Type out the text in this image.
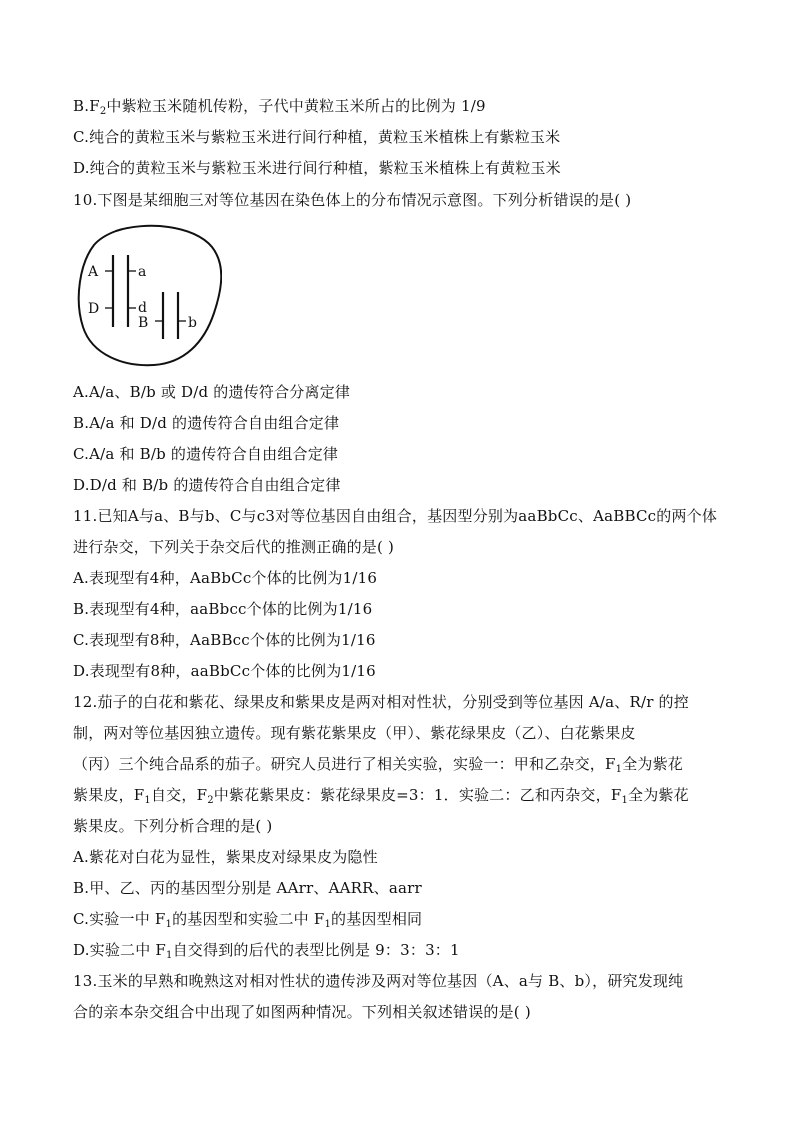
$B.F_2$中紫粒玉米随机传粉，子代中黄粒玉米所占的比例为 1/9
C.纯合的黄粒玉米与紫粒玉米进行间行种植，黄粒玉米植株上有紫粒玉米
D.纯合的黄粒玉米与紫粒玉米进行间行种植，紫粒玉米植株上有黄粒玉米
10.下图是某细胞三对等位基因在染色体上的分布情况示意图。下列分析错误的是( )
A	a
D	d
B	b
A.A/a、B/b 或 D/d 的遗传符合分离定律
B.A/a 和 D/d 的遗传符合自由组合定律
C.A/a 和 B/b 的遗传符合自由组合定律
D.D/d 和 B/b 的遗传符合自由组合定律
11.已知A与a、B与b、C与c3对等位基因自由组合，基因型分别为aaBbCc、AaBBCc的两个体
进行杂交，下列关于杂交后代的推测正确的是( )
A.表现型有4种，AaBbCc个体的比例为1/16
B.表现型有4种，aaBbcc个体的比例为1/16
C.表现型有8种，AaBBcc个体的比例为1/16
D.表现型有8种，aaBbCc个体的比例为1/16
12.茄子的白花和紫花、绿果皮和紫果皮是两对相对性状，分别受到等位基因 A/a、R/r 的控
制，两对等位基因独立遗传。现有紫花紫果皮（甲）、紫花绿果皮（乙）、白花紫果皮
（丙）三个纯合品系的茄子。研究人员进行了相关实验，实验一：甲和乙杂交，$F_1$全为紫花
紫果皮，$F_1$自交，$F_2$中紫花紫果皮：紫花绿果皮=3：1．实验二：乙和丙杂交，$F_1$全为紫花
紫果皮。下列分析合理的是( )
A.紫花对白花为显性，紫果皮对绿果皮为隐性
B.甲、乙、丙的基因型分别是 AArr、AARR、aarr
C.实验一中 $F_1$的基因型和实验二中 $F_1$的基因型相同
D.实验二中 $F_1$自交得到的后代的表型比例是 9：3：3：1
13.玉米的早熟和晚熟这对相对性状的遗传涉及两对等位基因（A、a与 B、b），研究发现纯
合的亲本杂交组合中出现了如图两种情况。下列相关叙述错误的是( )
